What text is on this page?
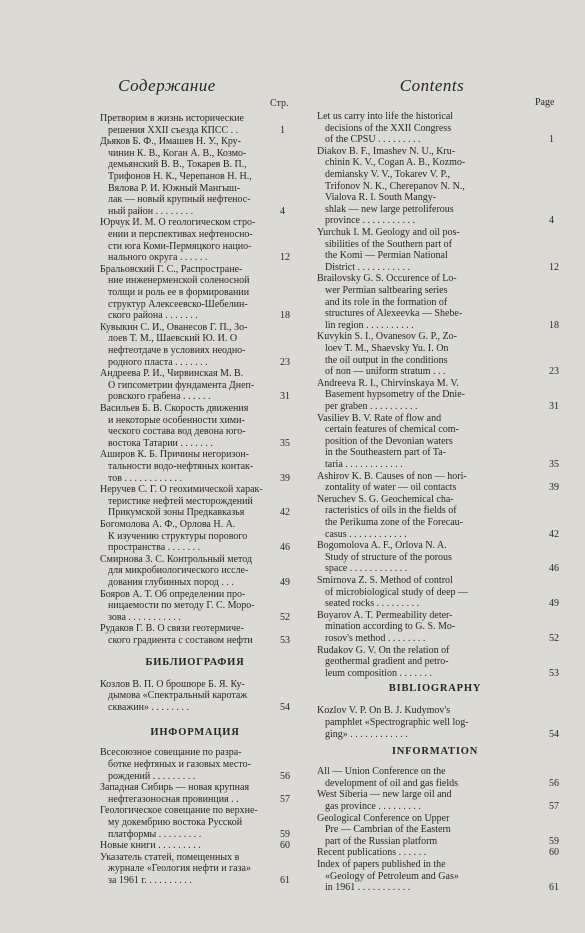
Содержание
Стр.
Претворим в жизнь исторические
решения XXII съезда КПСС . .	1
Дьяков Б. Ф., Имашев Н. У., Кру-
чинин К. В., Коган А. В., Козмо-
демьянский В. В., Токарев В. П.,
Трифонов Н. К., Черепанов Н. Н.,
Вялова Р. И. Южный Мангыш-
лак — новый крупный нефтенос-
ный район . . . . . . . .	4
Юрчук И. М. О геологическом стро-
ении и перспективах нефтеносно-
сти юга Коми-Пермяцкого нацио-
нального округа . . . . . .	12
Бральовский Г. С., Распростране-
ние инженерменской соленосной
толщи и роль ее в формировании
структур Алексеевско-Шебелин-
ского района . . . . . . .	18
Кувыкин С. И., Ованесов Г. П., Зо-
лоев Т. М., Шаевский Ю. И. О
нефтеотдаче в условиях неодно-
родного пласта . . . . . . .	23
Андреева Р. И., Чирвинская М. В.
О гипсометрии фундамента Днеп-
ровского грабена . . . . . .	31
Васильев Б. В. Скорость движения
и некоторые особенности хими-
ческого состава вод девона юго-
востока Татарии . . . . . . .	35
Аширов К. Б. Причины негоризон-
тальности водо-нефтяных контак-
тов . . . . . . . . . . . .	39
Неручев С. Г. О геохимической харак-
теристике нефтей месторождений
Прикумской зоны Предкавказья	42
Богомолова А. Ф., Орлова Н. А.
К изучению структуры порового
пространства . . . . . . .	46
Смирнова З. С. Контрольный метод
для микробиологического иссле-
дования глубинных пород . . .	49
Бояров А. Т. Об определении про-
ницаемости по методу Г. С. Моро-
зова . . . . . . . . . . .	52
Рудаков Г. В. О связи геотермиче-
ского градиента с составом нефти	53
БИБЛИОГРАФИЯ
Козлов В. П. О брошюре Б. Я. Ку-
дымова «Спектральный каротаж
скважин» . . . . . . . .	54
ИНФОРМАЦИЯ
Всесоюзное совещание по разра-
ботке нефтяных и газовых место-
рождений . . . . . . . . .	56
Западная Сибирь — новая крупная
нефтегазоносная провинция . .	57
Геологическое совещание по верхне-
му докембрию востока Русской
платформы . . . . . . . . .	59
Новые книги . . . . . . . . .	60
Указатель статей, помещенных в
журнале «Геология нефти и газа»
за 1961 г. . . . . . . . . .	61
Contents
Page
Let us carry into life the historical
decisions of the XXII Congress
of the CPSU . . . . . . . . .	1
Diakov B. F., Imashev N. U., Kru-
chinin K. V., Cogan A. B., Kozmo-
demiansky V. V., Tokarev V. P.,
Trifonov N. K., Cherepanov N. N.,
Vialova R. I. South Mangy-
shlak — new large petroliferous
province . . . . . . . . . . .	4
Yurchuk I. M. Geology and oil pos-
sibilities of the Southern part of
the Komi — Permian National
District . . . . . . . . . . .	12
Brailovsky G. S. Occurence of Lo-
wer Permian saltbearing series
and its role in the formation of
structures of Alexeevka — Shebe-
lin region . . . . . . . . . .	18
Kuvykin S. I., Ovanesov G. P., Zo-
loev T. M., Shaevsky Yu. I. On
the oil output in the conditions
of non — uniform stratum . . .	23
Andreeva R. I., Chirvinskaya M. V.
Basement hypsometry of the Dnie-
per graben . . . . . . . . . .	31
Vasiliev B. V. Rate of flow and
certain features of chemical com-
position of the Devonian waters
in the Southeastern part of Ta-
taria . . . . . . . . . . . .	35
Ashirov K. B. Causes of non — hori-
zontality of water — oil contacts	39
Neruchev S. G. Geochemical cha-
racteristics of oils in the fields of
the Perikuma zone of the Forecau-
casus . . . . . . . . . . . .	42
Bogomolova A. F., Orlova N. A.
Study of structure of the porous
space . . . . . . . . . . . .	46
Smirnova Z. S. Method of control
of microbiological study of deep —
seated rocks . . . . . . . . .	49
Boyarov A. T. Permeability deter-
mination according to G. S. Mo-
rosov's method . . . . . . . .	52
Rudakov G. V. On the relation of
geothermal gradient and petro-
leum composition . . . . . . .	53
BIBLIOGRAPHY
Kozlov V. P. On B. J. Kudymov's
pamphlet «Spectrographic well log-
ging» . . . . . . . . . . . .	54
INFORMATION
All — Union Conference on the
development of oil and gas fields	56
West Siberia — new large oil and
gas province . . . . . . . . .	57
Geological Conference on Upper
Pre — Cambrian of the Eastern
part of the Russian platform	59
Recent publications . . . . . .	60
Index of papers published in the
«Geology of Petroleum and Gas»
in 1961 . . . . . . . . . . .	61
